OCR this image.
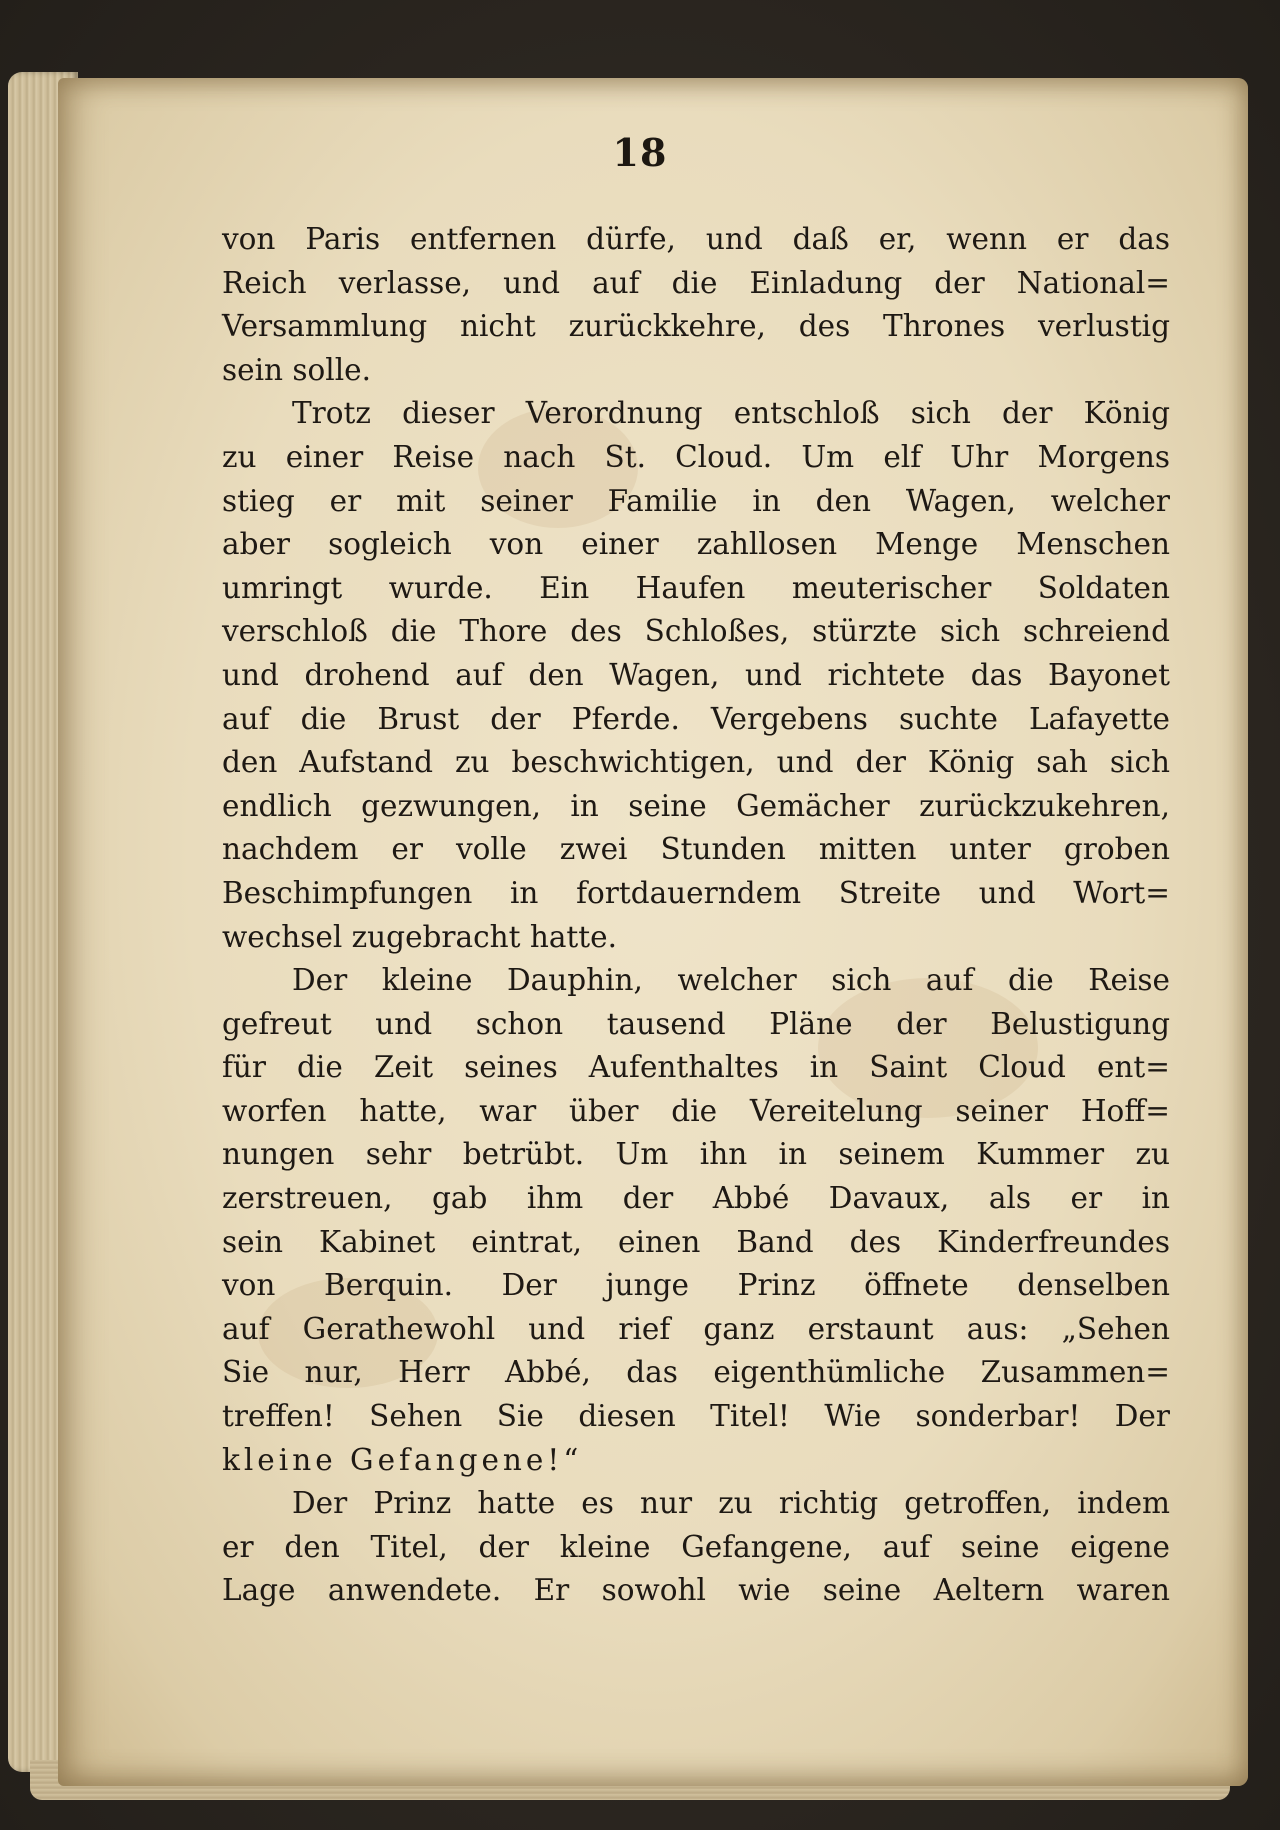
18
von Paris entfernen dürfe, und daß er, wenn er das
Reich verlasse, und auf die Einladung der National=
Versammlung nicht zurückkehre, des Thrones verlustig
sein solle.
Trotz dieser Verordnung entschloß sich der König
zu einer Reise nach St. Cloud. Um elf Uhr Morgens
stieg er mit seiner Familie in den Wagen, welcher
aber sogleich von einer zahllosen Menge Menschen
umringt wurde. Ein Haufen meuterischer Soldaten
verschloß die Thore des Schloßes, stürzte sich schreiend
und drohend auf den Wagen, und richtete das Bayonet
auf die Brust der Pferde. Vergebens suchte Lafayette
den Aufstand zu beschwichtigen, und der König sah sich
endlich gezwungen, in seine Gemächer zurückzukehren,
nachdem er volle zwei Stunden mitten unter groben
Beschimpfungen in fortdauerndem Streite und Wort=
wechsel zugebracht hatte.
Der kleine Dauphin, welcher sich auf die Reise
gefreut und schon tausend Pläne der Belustigung
für die Zeit seines Aufenthaltes in Saint Cloud ent=
worfen hatte, war über die Vereitelung seiner Hoff=
nungen sehr betrübt. Um ihn in seinem Kummer zu
zerstreuen, gab ihm der Abbé Davaux, als er in
sein Kabinet eintrat, einen Band des Kinderfreundes
von Berquin. Der junge Prinz öffnete denselben
auf Gerathewohl und rief ganz erstaunt aus: „Sehen
Sie nur, Herr Abbé, das eigenthümliche Zusammen=
treffen! Sehen Sie diesen Titel! Wie sonderbar! Der
kleine Gefangene!“
Der Prinz hatte es nur zu richtig getroffen, indem
er den Titel, der kleine Gefangene, auf seine eigene
Lage anwendete. Er sowohl wie seine Aeltern waren
